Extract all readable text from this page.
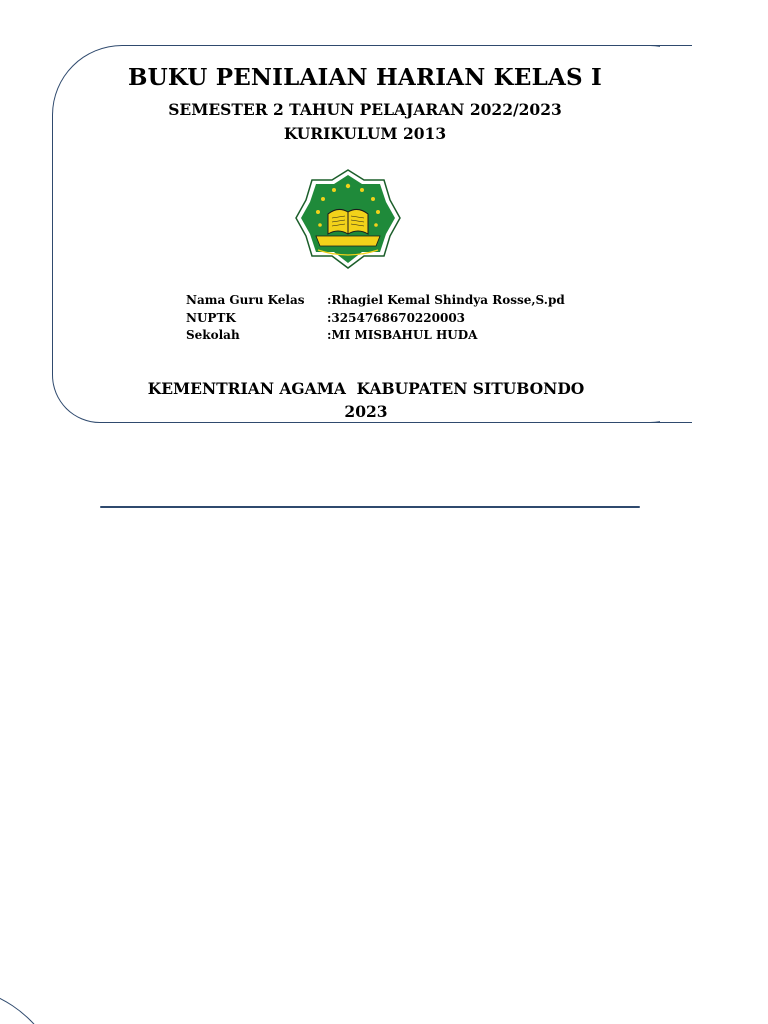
BUKU PENILAIAN HARIAN KELAS I
SEMESTER 2 TAHUN PELAJARAN 2022/2023
KURIKULUM 2013
Nama Guru Kelas	:Rhagiel Kemal Shindya Rosse,S.pd
NUPTK	:3254768670220003
Sekolah	:MI MISBAHUL HUDA
KEMENTRIAN AGAMA  KABUPATEN SITUBONDO
2023
